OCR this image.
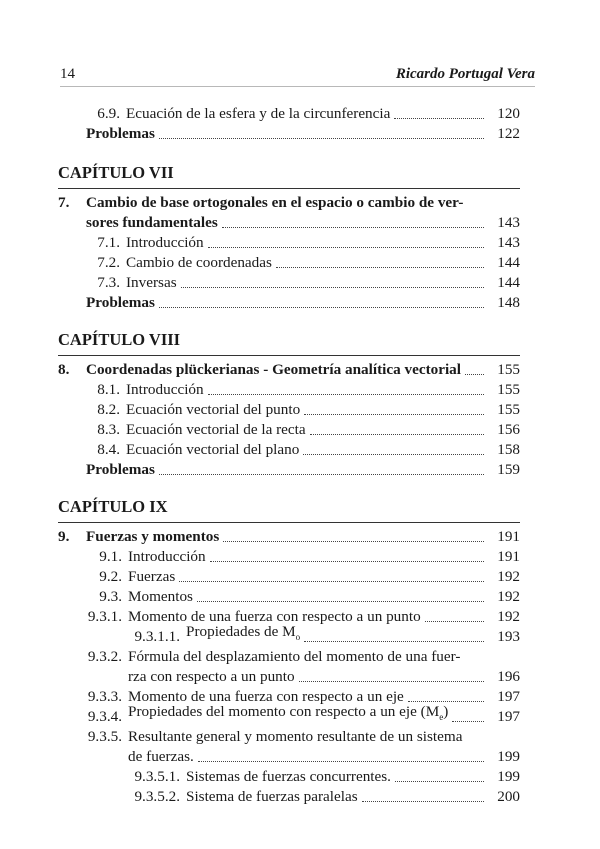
14	Ricardo Portugal Vera
6.9. Ecuación de la esfera y de la circunferencia	120
Problemas	122
CAPÍTULO VII
7.	Cambio de base ortogonales en el espacio o cambio de ver-
sores fundamentales	143
7.1. Introducción	143
7.2. Cambio de coordenadas	144
7.3. Inversas	144
Problemas	148
CAPÍTULO VIII
8.	Coordenadas plückerianas - Geometría analítica vectorial	155
8.1. Introducción	155
8.2. Ecuación vectorial del punto	155
8.3. Ecuación vectorial de la recta	156
8.4. Ecuación vectorial del plano	158
Problemas	159
CAPÍTULO IX
9.	Fuerzas y momentos	191
9.1. Introducción	191
9.2. Fuerzas	192
9.3. Momentos	192
9.3.1. Momento de una fuerza con respecto a un punto	192
9.3.1.1. Propiedades de $M_o$	193
9.3.2. Fórmula del desplazamiento del momento de una fuer-
rza con respecto a un punto	196
9.3.3. Momento de una fuerza con respecto a un eje	197
9.3.4. Propiedades del momento con respecto a un eje $(M_e)$	197
9.3.5. Resultante general y momento resultante de un sistema
de fuerzas.	199
9.3.5.1. Sistemas de fuerzas concurrentes.	199
9.3.5.2. Sistema de fuerzas paralelas	200
